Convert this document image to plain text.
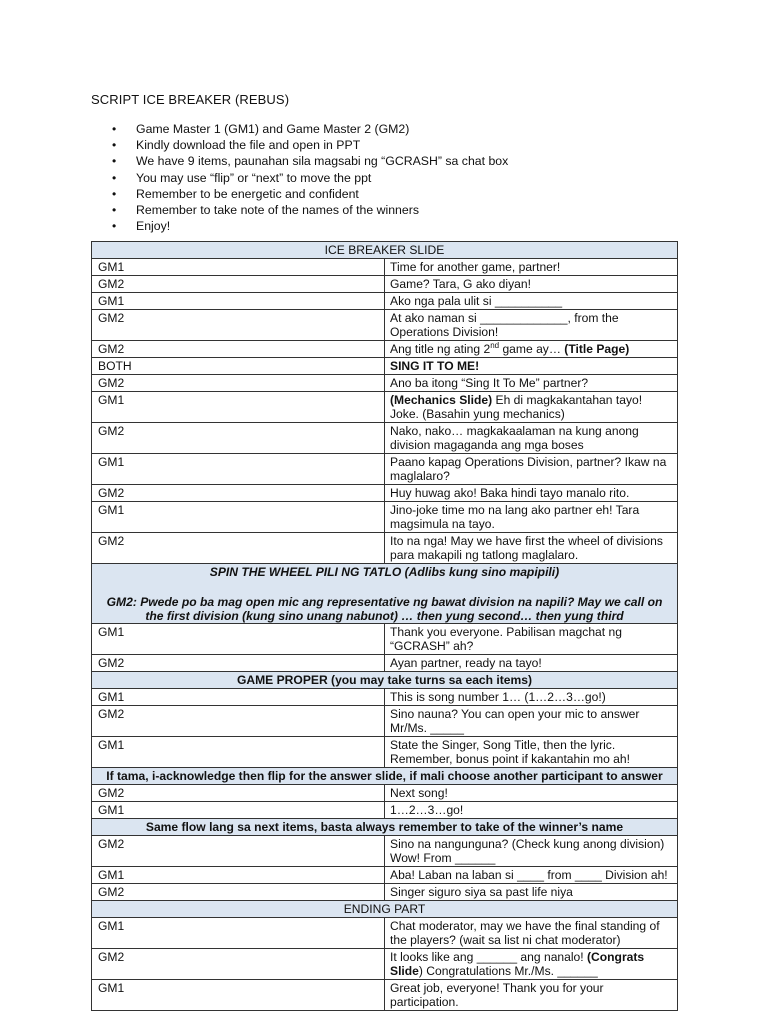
SCRIPT ICE BREAKER (REBUS)
• Game Master 1 (GM1) and Game Master 2 (GM2)
• Kindly download the file and open in PPT
• We have 9 items, paunahan sila magsabi ng “GCRASH” sa chat box
• You may use “flip” or “next” to move the ppt
• Remember to be energetic and confident
• Remember to take note of the names of the winners
• Enjoy!
ICE BREAKER SLIDE	
GM1	Time for another game, partner!
GM2	Game? Tara, G ako diyan!
GM1	Ako nga pala ulit si __________
GM2	At ako naman si _____________, from the Operations Division!
GM2	Ang title ng ating 2nd game ay… (Title Page)
BOTH	SING IT TO ME!
GM2	Ano ba itong “Sing It To Me” partner?
GM1	(Mechanics Slide) Eh di magkakantahan tayo! Joke. (Basahin yung mechanics)
GM2	Nako, nako… magkakaalaman na kung anong division magaganda ang mga boses
GM1	Paano kapag Operations Division, partner? Ikaw na maglalaro?
GM2	Huy huwag ako! Baka hindi tayo manalo rito.
GM1	Jino-joke time mo na lang ako partner eh! Tara magsimula na tayo.
GM2	Ito na nga! May we have first the wheel of divisions para makapili ng tatlong maglalaro.

SPIN THE WHEEL PILI NG TATLO (Adlibs kung sino mapipili)
GM2: Pwede po ba mag open mic ang representative ng bawat division na napili? May we call on the first division (kung sino unang nabunot) … then yung second… then yung third	

GM1	Thank you everyone. Pabilisan magchat ng “GCRASH” ah?
GM2	Ayan partner, ready na tayo!
GAME PROPER (you may take turns sa each items)	
GM1	This is song number 1… (1…2…3…go!)
GM2	Sino nauna? You can open your mic to answer Mr/Ms. _____
GM1	State the Singer, Song Title, then the lyric. Remember, bonus point if kakantahin mo ah!
If tama, i-acknowledge then flip for the answer slide, if mali choose another participant to answer	
GM2	Next song!
GM1	1…2…3…go!
Same flow lang sa next items, basta always remember to take of the winner’s name	
GM2	Sino na nangunguna? (Check kung anong division) Wow! From ______
GM1	Aba! Laban na laban si ____ from ____ Division ah!
GM2	Singer siguro siya sa past life niya
ENDING PART	
GM1	Chat moderator, may we have the final standing of the players? (wait sa list ni chat moderator)
GM2	It looks like ang ______ ang nanalo! (Congrats Slide) Congratulations Mr./Ms. ______
GM1	Great job, everyone! Thank you for your participation.
